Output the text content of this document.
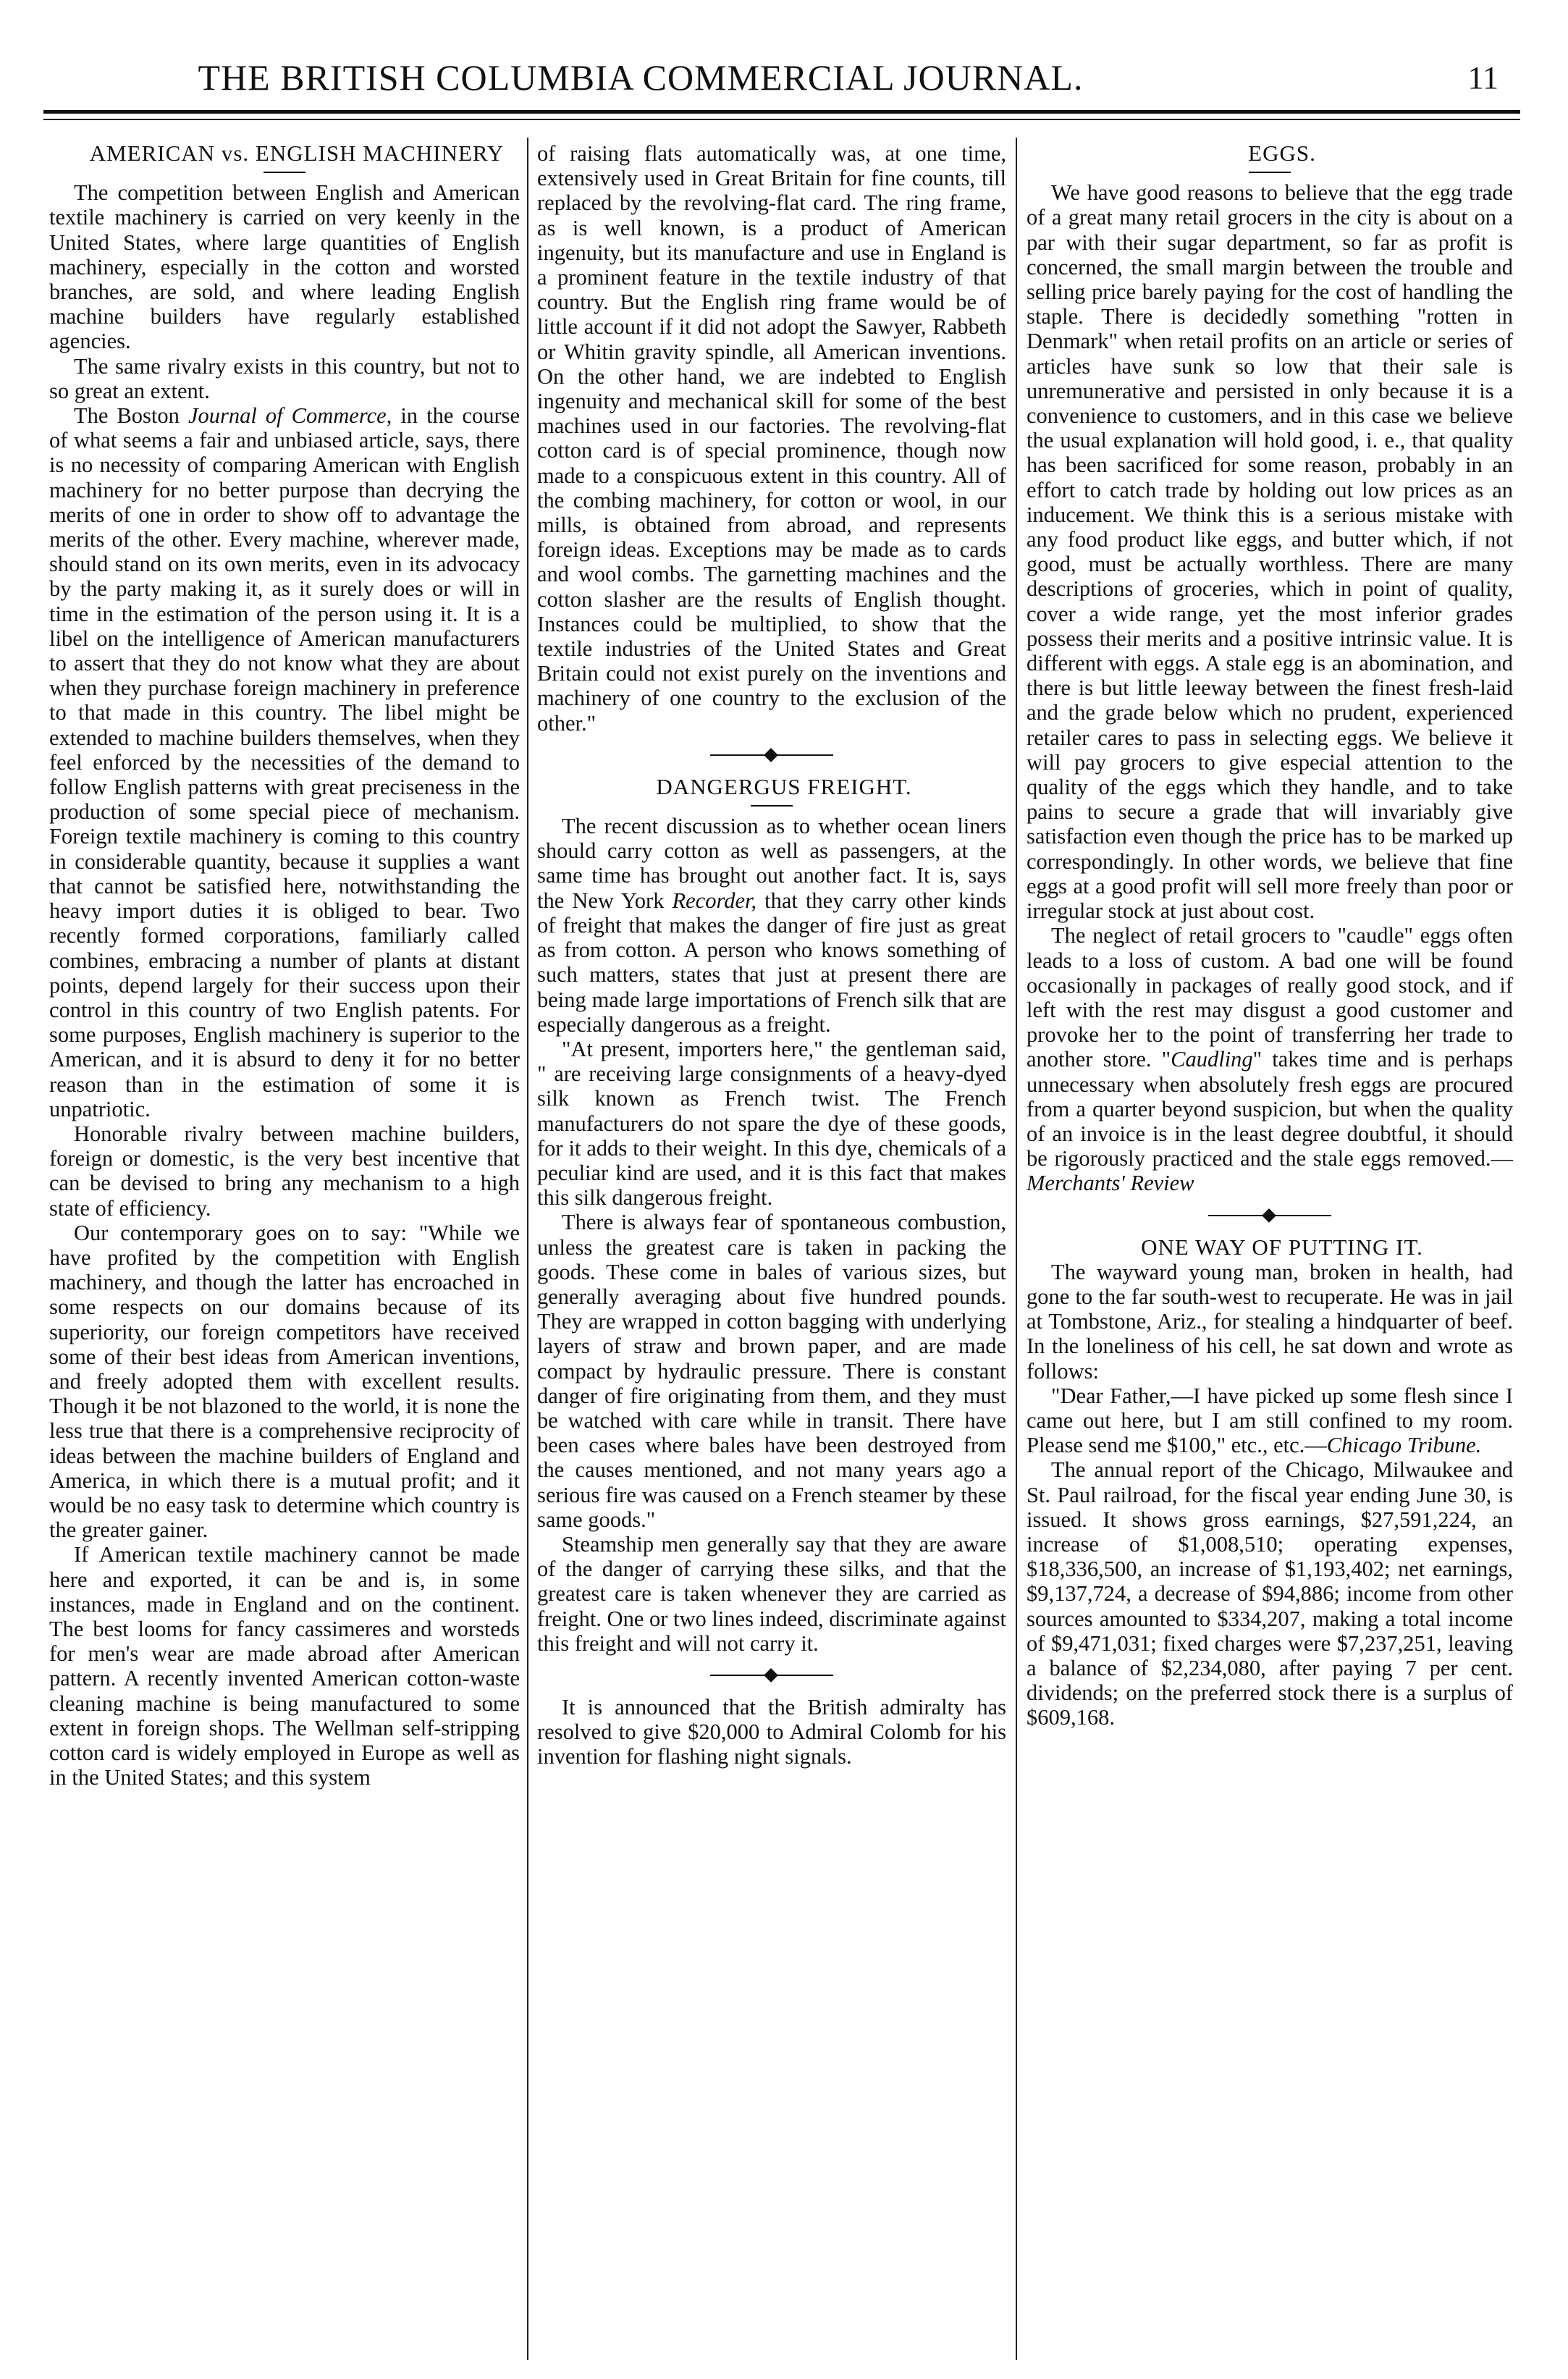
THE BRITISH COLUMBIA COMMERCIAL JOURNAL.	11

AMERICAN vs. ENGLISH MACHINERY

The competition between English and American textile machinery is carried on very keenly in the United States, where large quantities of English machinery, especially in the cotton and worsted branches, are sold, and where leading English machine builders have regularly established agencies.

The same rivalry exists in this country, but not to so great an extent.

The Boston Journal of Commerce, in the course of what seems a fair and unbiased article, says, there is no necessity of comparing American with English machinery for no better purpose than decrying the merits of one in order to show off to advantage the merits of the other. Every machine, wherever made, should stand on its own merits, even in its advocacy by the party making it, as it surely does or will in time in the estimation of the person using it. It is a libel on the intelligence of American manufacturers to assert that they do not know what they are about when they purchase foreign machinery in preference to that made in this country. The libel might be extended to machine builders themselves, when they feel enforced by the necessities of the demand to follow English patterns with great preciseness in the production of some special piece of mechanism. Foreign textile machinery is coming to this country in considerable quantity, because it supplies a want that cannot be satisfied here, notwithstanding the heavy import duties it is obliged to bear. Two recently formed corporations, familiarly called combines, embracing a number of plants at distant points, depend largely for their success upon their control in this country of two English patents. For some purposes, English machinery is superior to the American, and it is absurd to deny it for no better reason than in the estimation of some it is unpatriotic.

Honorable rivalry between machine builders, foreign or domestic, is the very best incentive that can be devised to bring any mechanism to a high state of efficiency.

Our contemporary goes on to say: "While we have profited by the competition with English machinery, and though the latter has encroached in some respects on our domains because of its superiority, our foreign competitors have received some of their best ideas from American inventions, and freely adopted them with excellent results. Though it be not blazoned to the world, it is none the less true that there is a comprehensive reciprocity of ideas between the machine builders of England and America, in which there is a mutual profit; and it would be no easy task to determine which country is the greater gainer.

If American textile machinery cannot be made here and exported, it can be and is, in some instances, made in England and on the continent. The best looms for fancy cassimeres and worsteds for men's wear are made abroad after American pattern. A recently invented American cotton-waste cleaning machine is being manufactured to some extent in foreign shops. The Wellman self-stripping cotton card is widely employed in Europe as well as in the United States; and this system

of raising flats automatically was, at one time, extensively used in Great Britain for fine counts, till replaced by the revolving-flat card. The ring frame, as is well known, is a product of American ingenuity, but its manufacture and use in England is a prominent feature in the textile industry of that country. But the English ring frame would be of little account if it did not adopt the Sawyer, Rabbeth or Whitin gravity spindle, all American inventions. On the other hand, we are indebted to English ingenuity and mechanical skill for some of the best machines used in our factories. The revolving-flat cotton card is of special prominence, though now made to a conspicuous extent in this country. All of the combing machinery, for cotton or wool, in our mills, is obtained from abroad, and represents foreign ideas. Exceptions may be made as to cards and wool combs. The garnetting machines and the cotton slasher are the results of English thought. Instances could be multiplied, to show that the textile industries of the United States and Great Britain could not exist purely on the inventions and machinery of one country to the exclusion of the other."

DANGERGUS FREIGHT.

The recent discussion as to whether ocean liners should carry cotton as well as passengers, at the same time has brought out another fact. It is, says the New York Recorder, that they carry other kinds of freight that makes the danger of fire just as great as from cotton. A person who knows something of such matters, states that just at present there are being made large importations of French silk that are especially dangerous as a freight.

"At present, importers here," the gentleman said, " are receiving large consignments of a heavy-dyed silk known as French twist. The French manufacturers do not spare the dye of these goods, for it adds to their weight. In this dye, chemicals of a peculiar kind are used, and it is this fact that makes this silk dangerous freight.

There is always fear of spontaneous combustion, unless the greatest care is taken in packing the goods. These come in bales of various sizes, but generally averaging about five hundred pounds. They are wrapped in cotton bagging with underlying layers of straw and brown paper, and are made compact by hydraulic pressure. There is constant danger of fire originating from them, and they must be watched with care while in transit. There have been cases where bales have been destroyed from the causes mentioned, and not many years ago a serious fire was caused on a French steamer by these same goods."

Steamship men generally say that they are aware of the danger of carrying these silks, and that the greatest care is taken whenever they are carried as freight. One or two lines indeed, discriminate against this freight and will not carry it.

It is announced that the British admiralty has resolved to give $20,000 to Admiral Colomb for his invention for flashing night signals.

EGGS.

We have good reasons to believe that the egg trade of a great many retail grocers in the city is about on a par with their sugar department, so far as profit is concerned, the small margin between the trouble and selling price barely paying for the cost of handling the staple. There is decidedly something "rotten in Denmark" when retail profits on an article or series of articles have sunk so low that their sale is unremunerative and persisted in only because it is a convenience to customers, and in this case we believe the usual explanation will hold good, i. e., that quality has been sacrificed for some reason, probably in an effort to catch trade by holding out low prices as an inducement. We think this is a serious mistake with any food product like eggs, and butter which, if not good, must be actually worthless. There are many descriptions of groceries, which in point of quality, cover a wide range, yet the most inferior grades possess their merits and a positive intrinsic value. It is different with eggs. A stale egg is an abomination, and there is but little leeway between the finest fresh-laid and the grade below which no prudent, experienced retailer cares to pass in selecting eggs. We believe it will pay grocers to give especial attention to the quality of the eggs which they handle, and to take pains to secure a grade that will invariably give satisfaction even though the price has to be marked up correspondingly. In other words, we believe that fine eggs at a good profit will sell more freely than poor or irregular stock at just about cost.

The neglect of retail grocers to "caudle" eggs often leads to a loss of custom. A bad one will be found occasionally in packages of really good stock, and if left with the rest may disgust a good customer and provoke her to the point of transferring her trade to another store. "Caudling" takes time and is perhaps unnecessary when absolutely fresh eggs are procured from a quarter beyond suspicion, but when the quality of an invoice is in the least degree doubtful, it should be rigorously practiced and the stale eggs removed.—Merchants' Review

ONE WAY OF PUTTING IT.

The wayward young man, broken in health, had gone to the far south-west to recuperate. He was in jail at Tombstone, Ariz., for stealing a hindquarter of beef. In the loneliness of his cell, he sat down and wrote as follows:

"Dear Father,—I have picked up some flesh since I came out here, but I am still confined to my room. Please send me $100," etc., etc.—Chicago Tribune.

The annual report of the Chicago, Milwaukee and St. Paul railroad, for the fiscal year ending June 30, is issued. It shows gross earnings, $27,591,224, an increase of $1,008,510; operating expenses, $18,336,500, an increase of $1,193,402; net earnings, $9,137,724, a decrease of $94,886; income from other sources amounted to $334,207, making a total income of $9,471,031; fixed charges were $7,237,251, leaving a balance of $2,234,080, after paying 7 per cent. dividends; on the preferred stock there is a surplus of $609,168.
